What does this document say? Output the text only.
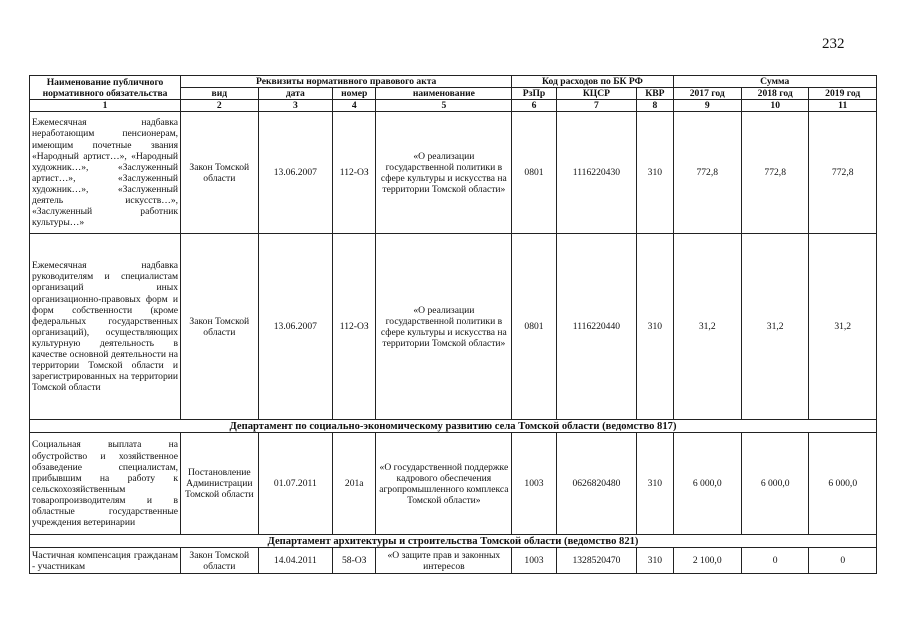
232
Наименование публичного нормативного обязательства	Реквизиты нормативного правового акта				Код расходов по БК РФ			Сумма		
	вид	дата	номер	наименование	РзПр	КЦСР	КВР	2017 год	2018 год	2019 год
1	2	3	4	5	6	7	8	9	10	11
Ежемесячная надбавка неработающим пенсионерам, имеющим почетные звания «Народный артист…», «Народный художник…», «Заслуженный артист…», «Заслуженный художник…», «Заслуженный деятель искусств…», «Заслуженный работник культуры…»	Закон Томской области	13.06.2007	112-ОЗ	«О реализации государственной политики в сфере культуры и искусства на территории Томской области»	0801	1116220430	310	772,8	772,8	772,8
Ежемесячная надбавка руководителям и специалистам организаций иных организационно-правовых форм и форм собственности (кроме федеральных государственных организаций), осуществляющих культурную деятельность в качестве основной деятельности на территории Томской области и зарегистрированных на территории Томской области	Закон Томской области	13.06.2007	112-ОЗ	«О реализации государственной политики в сфере культуры и искусства на территории Томской области»	0801	1116220440	310	31,2	31,2	31,2
Департамент по социально-экономическому развитию села Томской области (ведомство 817)										
Социальная выплата на обустройство и хозяйственное обзаведение специалистам, прибывшим на работу к сельскохозяйственным товаропроизводителям и в областные государственные учреждения ветеринарии	Постановление Администрации Томской области	01.07.2011	201а	«О государственной поддержке кадрового обеспечения агропромышленного комплекса Томской области»	1003	0626820480	310	6 000,0	6 000,0	6 000,0
Департамент архитектуры и строительства Томской области (ведомство 821)										
Частичная компенсация гражданам - участникам	Закон Томской области	14.04.2011	58-ОЗ	«О защите прав и законных интересов	1003	1328520470	310	2 100,0	0	0
